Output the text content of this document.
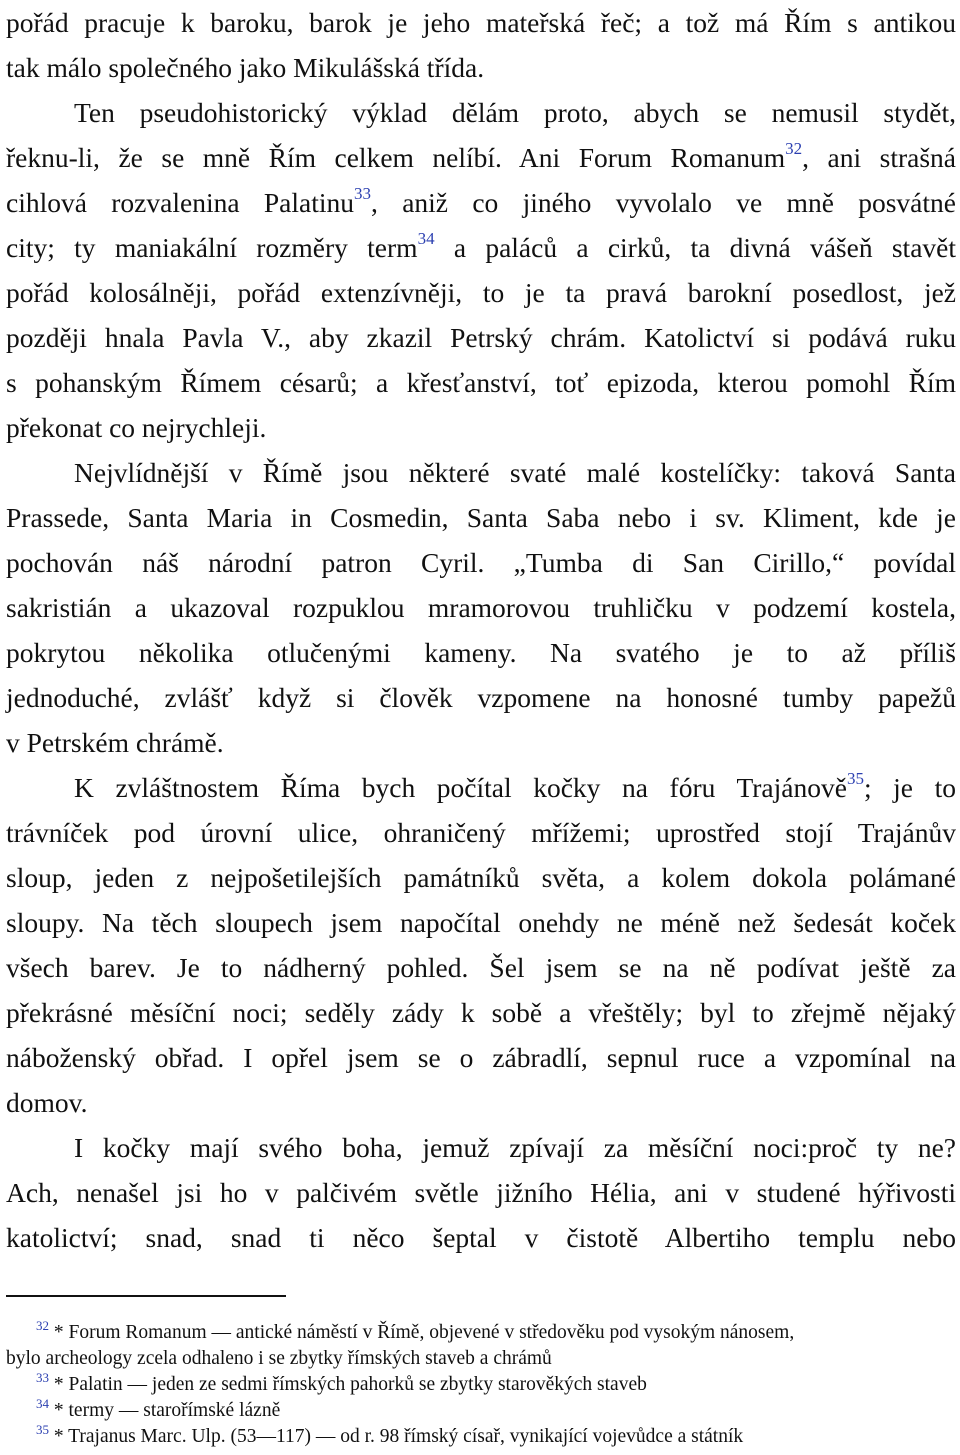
pořád pracuje k baroku, barok je jeho mateřská řeč; a tož má Řím s antikou
tak málo společného jako Mikulášská třída.
Ten pseudohistorický výklad dělám proto, abych se nemusil stydět,
řeknu-li, že se mně Řím celkem nelíbí. Ani Forum Romanum$^{32}$, ani strašná
cihlová rozvalenina Palatinu$^{33}$, aniž co jiného vyvolalo ve mně posvátné
city; ty maniakální rozměry term$^{34}$ a paláců a cirků, ta divná vášeň stavět
pořád kolosálněji, pořád extenzívněji, to je ta pravá barokní posedlost, jež
později hnala Pavla V., aby zkazil Petrský chrám. Katolictví si podává ruku
s pohanským Římem césarů; a křesťanství, toť epizoda, kterou pomohl Řím
překonat co nejrychleji.
Nejvlídnější v Římě jsou některé svaté malé kostelíčky: taková Santa
Prassede, Santa Maria in Cosmedin, Santa Saba nebo i sv. Kliment, kde je
pochován náš národní patron Cyril. „Tumba di San Cirillo,“ povídal
sakristián a ukazoval rozpuklou mramorovou truhličku v podzemí kostela,
pokrytou několika otlučenými kameny. Na svatého je to až příliš
jednoduché, zvlášť když si člověk vzpomene na honosné tumby papežů
v Petrském chrámě.
K zvláštnostem Říma bych počítal kočky na fóru Trajánově$^{35}$; je to
trávníček pod úrovní ulice, ohraničený mřížemi; uprostřed stojí Trajánův
sloup, jeden z nejpošetilejších památníků světa, a kolem dokola polámané
sloupy. Na těch sloupech jsem napočítal onehdy ne méně než šedesát koček
všech barev. Je to nádherný pohled. Šel jsem se na ně podívat ještě za
překrásné měsíční noci; seděly zády k sobě a vřeštěly; byl to zřejmě nějaký
náboženský obřad. I opřel jsem se o zábradlí, sepnul ruce a vzpomínal na
domov.
I kočky mají svého boha, jemuž zpívají za měsíční noci:proč ty ne?
Ach, nenašel jsi ho v palčivém světle jižního Hélia, ani v studené hýřivosti
katolictví; snad, snad ti něco šeptal v čistotě Albertiho templu nebo
$^{32}$ * Forum Romanum — antické náměstí v Římě, objevené v středověku pod vysokým nánosem,
bylo archeology zcela odhaleno i se zbytky římských staveb a chrámů
$^{33}$ * Palatin — jeden ze sedmi římských pahorků se zbytky starověkých staveb
$^{34}$ * termy — starořímské lázně
$^{35}$ * Trajanus Marc. Ulp. (53—117) — od r. 98 římský císař, vynikající vojevůdce a státník
